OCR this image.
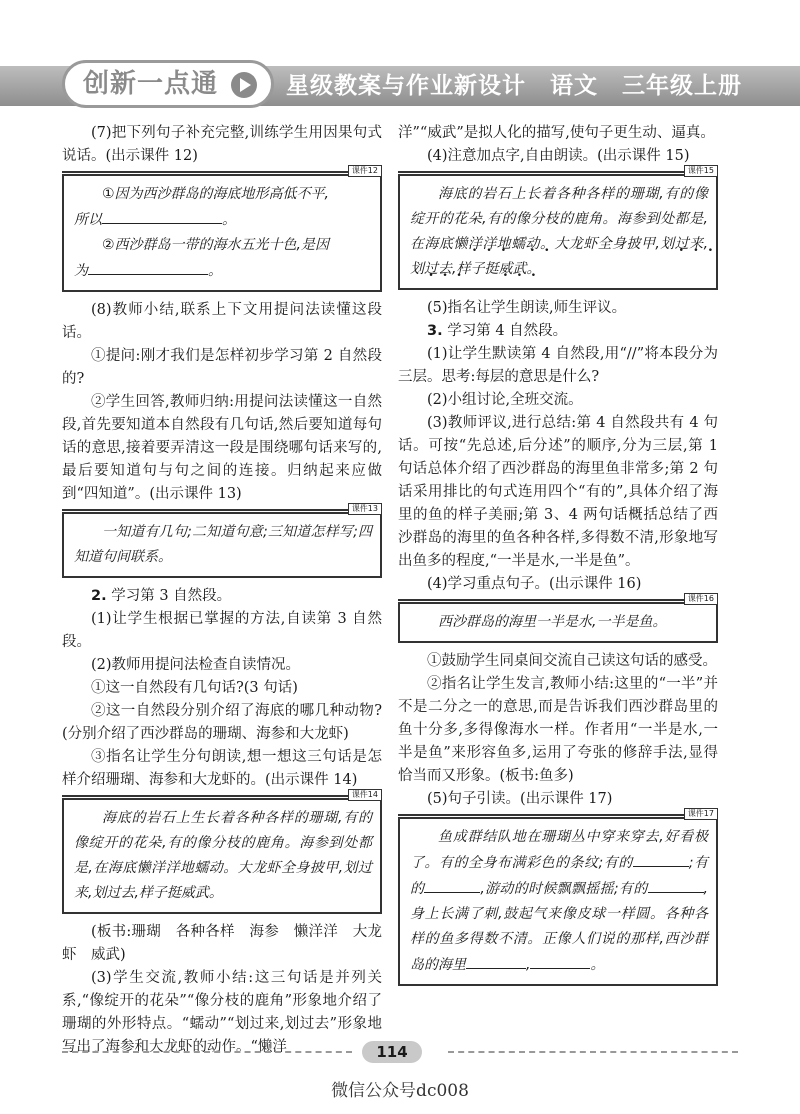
创新一点通	星级教案与作业新设计　语文　三年级上册

(7)把下列句子补充完整,训练学生用因果句式说话。(出示课件 12)

课件12

①因为西沙群岛的海底地形高低不平,

所以	。

②西沙群岛一带的海水五光十色,是因

为	。

(8)教师小结,联系上下文用提问法读懂这段话。

①提问:刚才我们是怎样初步学习第 2 自然段的?

②学生回答,教师归纳:用提问法读懂这一自然段,首先要知道本自然段有几句话,然后要知道每句话的意思,接着要弄清这一段是围绕哪句话来写的,最后要知道句与句之间的连接。归纳起来应做到“四知道”。(出示课件 13)

课件13

一知道有几句;二知道句意;三知道怎样写;四知道句间联系。

2. 学习第 3 自然段。

(1)让学生根据已掌握的方法,自读第 3 自然段。

(2)教师用提问法检查自读情况。

①这一自然段有几句话?(3 句话)

②这一自然段分别介绍了海底的哪几种动物?(分别介绍了西沙群岛的珊瑚、海参和大龙虾)

③指名让学生分句朗读,想一想这三句话是怎样介绍珊瑚、海参和大龙虾的。(出示课件 14)

课件14

海底的岩石上生长着各种各样的珊瑚,有的像绽开的花朵,有的像分枝的鹿角。海参到处都是,在海底懒洋洋地蠕动。大龙虾全身披甲,划过来,划过去,样子挺威武。

(板书:珊瑚　各种各样　海参　懒洋洋　大龙虾　威武)

(3)学生交流,教师小结:这三句话是并列关系,“像绽开的花朵”“像分枝的鹿角”形象地介绍了珊瑚的外形特点。“蠕动”“划过来,划过去”形象地写出了海参和大龙虾的动作。“懒洋

洋”“威武”是拟人化的描写,使句子更生动、逼真。

(4)注意加点字,自由朗读。(出示课件 15)

课件15

海底的岩石上长着各种各样的珊瑚,有的像绽开的花朵,有的像分枝的鹿角。海参到处都是,在海底懒洋洋地蠕动。大龙虾全身披甲,划过来,划过去,样子挺威武。

(5)指名让学生朗读,师生评议。

3. 学习第 4 自然段。

(1)让学生默读第 4 自然段,用“//”将本段分为三层。思考:每层的意思是什么?

(2)小组讨论,全班交流。

(3)教师评议,进行总结:第 4 自然段共有 4 句话。可按“先总述,后分述”的顺序,分为三层,第 1 句话总体介绍了西沙群岛的海里鱼非常多;第 2 句话采用排比的句式连用四个“有的”,具体介绍了海里的鱼的样子美丽;第 3、4 两句话概括总结了西沙群岛的海里的鱼各种各样,多得数不清,形象地写出鱼多的程度,“一半是水,一半是鱼”。

(4)学习重点句子。(出示课件 16)

课件16

西沙群岛的海里一半是水,一半是鱼。

①鼓励学生同桌间交流自己读这句话的感受。

②指名让学生发言,教师小结:这里的“一半”并不是二分之一的意思,而是告诉我们西沙群岛里的鱼十分多,多得像海水一样。作者用“一半是水,一半是鱼”来形容鱼多,运用了夸张的修辞手法,显得恰当而又形象。(板书:鱼多)

(5)句子引读。(出示课件 17)

课件17

鱼成群结队地在珊瑚丛中穿来穿去,好看极了。有的全身布满彩色的条纹;有的	;有的	,游动的时候飘飘摇摇;有的	,身上长满了刺,鼓起气来像皮球一样圆。各种各样的鱼多得数不清。正像人们说的那样,西沙群岛的海里	,	。

114
微信公众号dc008
